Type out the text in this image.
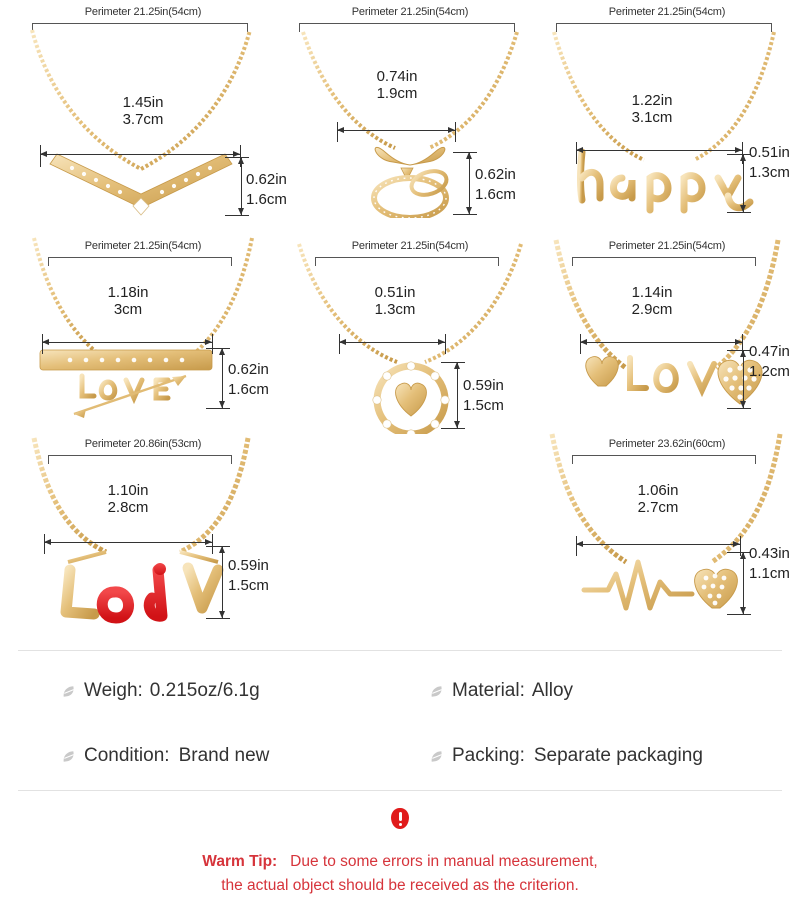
Perimeter 21.25in(54cm)
1.45in
3.7cm
0.62in
1.6cm
Perimeter 21.25in(54cm)
0.74in
1.9cm
0.62in
1.6cm
Perimeter 21.25in(54cm)
1.22in
3.1cm
0.51in
1.3cm
Perimeter 21.25in(54cm)
1.18in
3cm
0.62in
1.6cm
Perimeter 21.25in(54cm)
0.51in
1.3cm
0.59in
1.5cm
Perimeter 21.25in(54cm)
1.14in
2.9cm
0.47in
1.2cm
Perimeter 20.86in(53cm)
1.10in
2.8cm
0.59in
1.5cm
Perimeter 23.62in(60cm)
1.06in
2.7cm
0.43in
1.1cm
Weigh: 0.215oz/6.1g	Material: Alloy
Condition: Brand new	Packing: Separate packaging
Warm Tip: Due to some errors in manual measurement,
the actual object should be received as the criterion.
